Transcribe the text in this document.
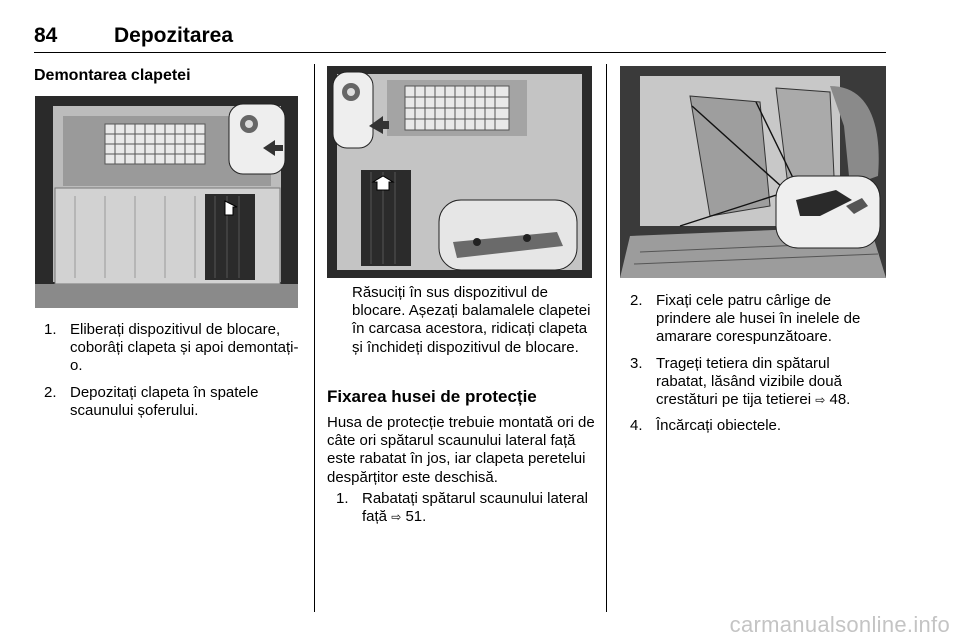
84	Depozitarea
Demontarea clapetei
1. Eliberați dispozitivul de blocare, coborâți clapeta și apoi demontați-o.
2. Depozitați clapeta în spatele scaunului șoferului.
Răsuciți în sus dispozitivul de blocare. Așezați balamalele clapetei în carcasa acestora, ridicați clapeta și închideți dispozitivul de blocare.
Fixarea husei de protecție
Husa de protecție trebuie montată ori de câte ori spătarul scaunului lateral față este rabatat în jos, iar clapeta peretelui despărțitor este deschisă.
1. Rabatați spătarul scaunului lateral față ⇨ 51.
2. Fixați cele patru cârlige de prindere ale husei în inelele de amarare corespunzătoare.
3. Trageți tetiera din spătarul rabatat, lăsând vizibile două crestături pe tija tetierei ⇨ 48.
4. Încărcați obiectele.
carmanualsonline.info
